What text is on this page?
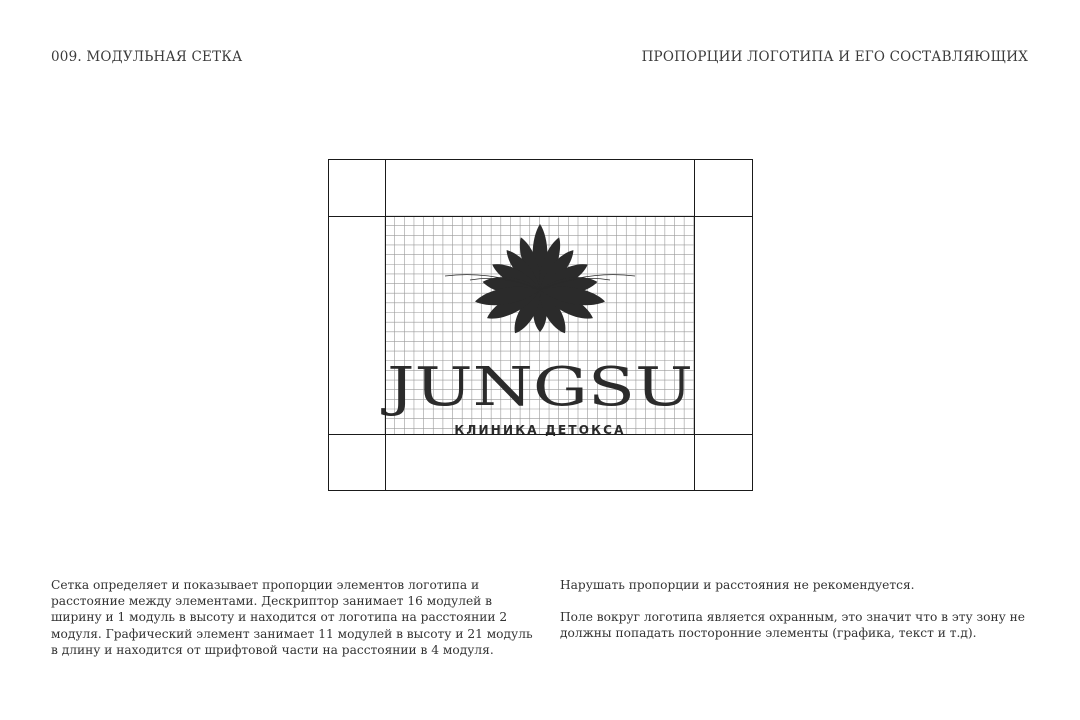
009. МОДУЛЬНАЯ СЕТКА	ПРОПОРЦИИ ЛОГОТИПА И ЕГО СОСТАВЛЯЮЩИХ
JUNGSU
КЛИНИКА ДЕТОКСА

Сетка определяет и показывает пропорции элементов логотипа и расстояние между элементами. Дескриптор занимает 16 модулей в ширину и 1 модуль в высоту и находится от логотипа на расстоянии 2 модуля. Графический элемент занимает 11 модулей в высоту и 21 модуль в длину и находится от шрифтовой части на расстоянии в 4 модуля.

Нарушать пропорции и расстояния не рекомендуется.

Поле вокруг логотипа является охранным, это значит что в эту зону не должны попадать посторонние элементы (графика, текст и т.д).
